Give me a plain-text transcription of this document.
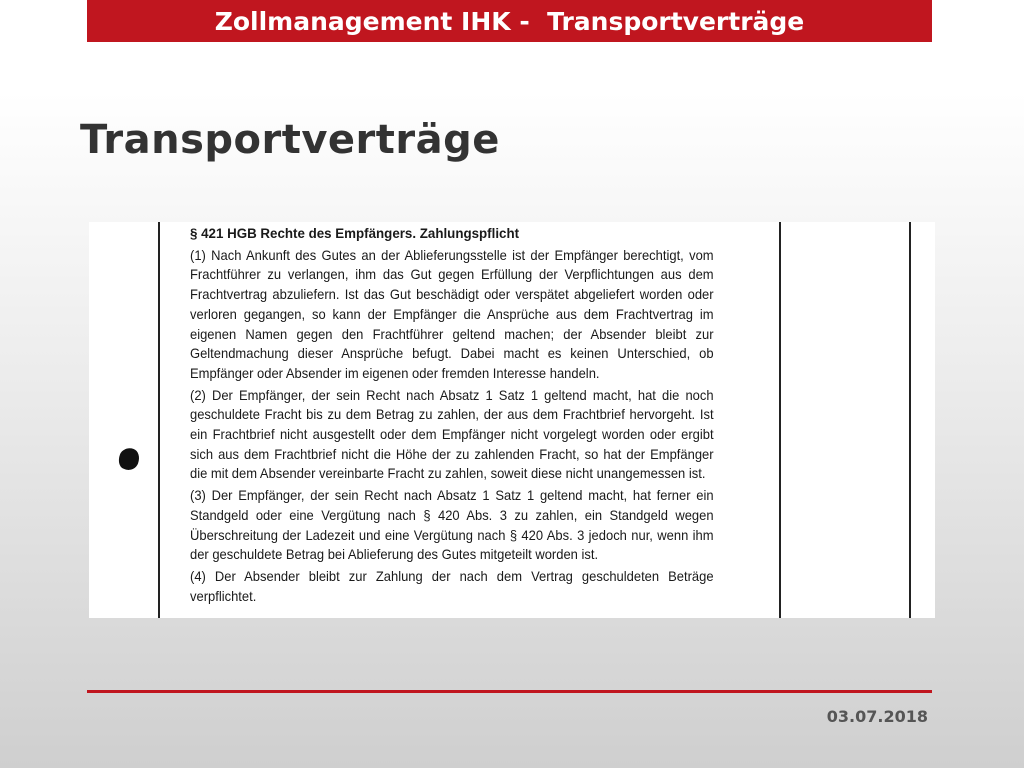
Zollmanagement IHK -  Transportverträge
Transportverträge

§ 421 HGB Rechte des Empfängers. Zahlungspflicht

(1) Nach Ankunft des Gutes an der Ablieferungsstelle ist der Empfänger berechtigt, vom Frachtführer zu verlangen, ihm das Gut gegen Erfüllung der Verpflichtungen aus dem Frachtvertrag abzuliefern. Ist das Gut beschädigt oder verspätet abgeliefert worden oder verloren gegangen, so kann der Empfänger die Ansprüche aus dem Frachtvertrag im eigenen Namen gegen den Frachtführer geltend machen; der Absender bleibt zur Geltendmachung dieser Ansprüche befugt. Dabei macht es keinen Unterschied, ob Empfänger oder Absender im eigenen oder fremden Interesse handeln.

(2) Der Empfänger, der sein Recht nach Absatz 1 Satz 1 geltend macht, hat die noch geschuldete Fracht bis zu dem Betrag zu zahlen, der aus dem Frachtbrief hervorgeht. Ist ein Frachtbrief nicht ausgestellt oder dem Empfänger nicht vorgelegt worden oder ergibt sich aus dem Frachtbrief nicht die Höhe der zu zahlenden Fracht, so hat der Empfänger die mit dem Absender vereinbarte Fracht zu zahlen, soweit diese nicht unangemessen ist.

(3) Der Empfänger, der sein Recht nach Absatz 1 Satz 1 geltend macht, hat ferner ein Standgeld oder eine Vergütung nach § 420 Abs. 3 zu zahlen, ein Standgeld wegen Überschreitung der Ladezeit und eine Vergütung nach § 420 Abs. 3 jedoch nur, wenn ihm der geschuldete Betrag bei Ablieferung des Gutes mitgeteilt worden ist.

(4) Der Absender bleibt zur Zahlung der nach dem Vertrag geschuldeten Beträge verpflichtet.

03.07.2018
